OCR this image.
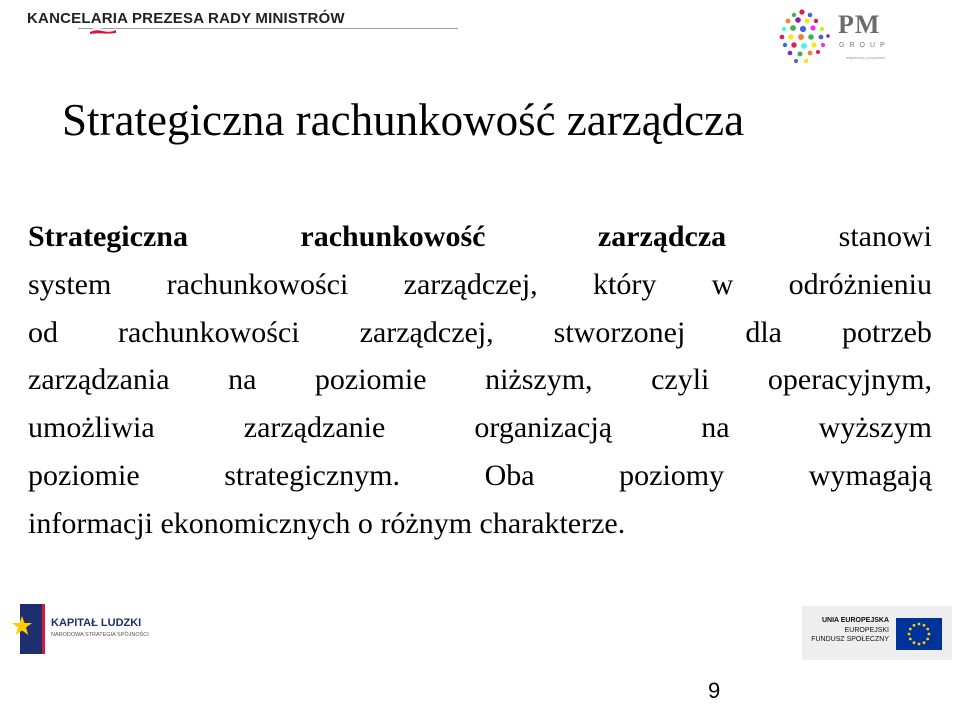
KANCELARIA PREZESA RADY MINISTRÓW	PM
GROUP
wspieramy przyszłość
Strategiczna rachunkowość zarządcza
Strategiczna	rachunkowość	zarządcza	stanowi
system rachunkowości zarządczej, który w odróżnieniu
od rachunkowości zarządczej, stworzonej dla potrzeb
zarządzania na poziomie niższym, czyli operacyjnym,
umożliwia	zarządzanie	organizacją	na	wyższym
poziomie	strategicznym.	Oba	poziomy	wymagają
informacji ekonomicznych o różnym charakterze.
KAPITAŁ LUDZKI
NARODOWA STRATEGIA SPÓJNOŚCI
UNIA EUROPEJSKA
EUROPEJSKI
FUNDUSZ SPOŁECZNY
9
